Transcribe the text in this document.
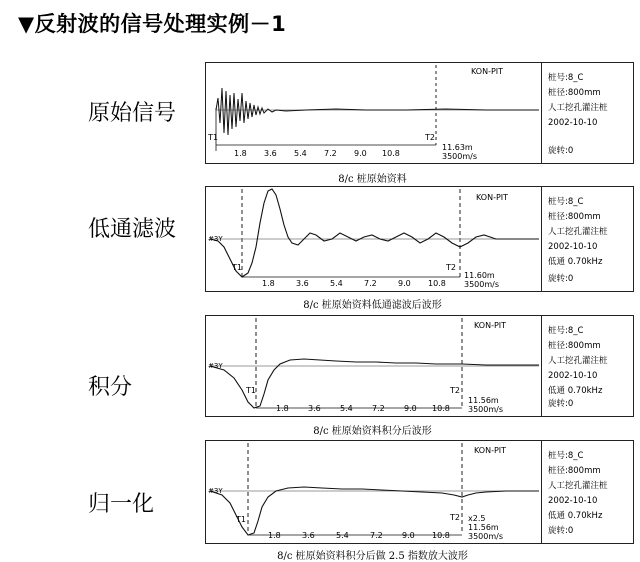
▼反射波的信号处理实例－1
原始信号
KON-PIT
T1	T2
1.8 3.6 5.4 7.2 9.0 10.8
11.63m
3500m/s
桩号:8_C
桩径:800mm
人工挖孔灌注桩
2002-10-10
旋转:0
8/c 桩原始资料
低通滤波	#3Y
KON-PIT
T1	T2
1.8	3.6	5.4	7.2	9.0 10.8
11.60m
3500m/s
桩号:8_C
桩径:800mm
人工挖孔灌注桩
2002-10-10
低通 0.70kHz
旋转:0
8/c 桩原始资料低通滤波后波形
积分
#3Y
KON-PIT
T1	T2
1.8 3.6 5.4 7.2 9.0 10.8
11.56m
3500m/s
桩号:8_C
桩径:800mm
人工挖孔灌注桩
2002-10-10
低通 0.70kHz
旋转:0
8/c 桩原始资料积分后波形
归一化
#3Y
KON-PIT
T1	T2
1.8	3.6	5.4	7.2 9.0 10.8
x2.5
11.56m
3500m/s
桩号:8_C
桩径:800mm
人工挖孔灌注桩
2002-10-10
低通 0.70kHz
旋转:0
8/c 桩原始资料积分后做 2.5 指数放大波形
